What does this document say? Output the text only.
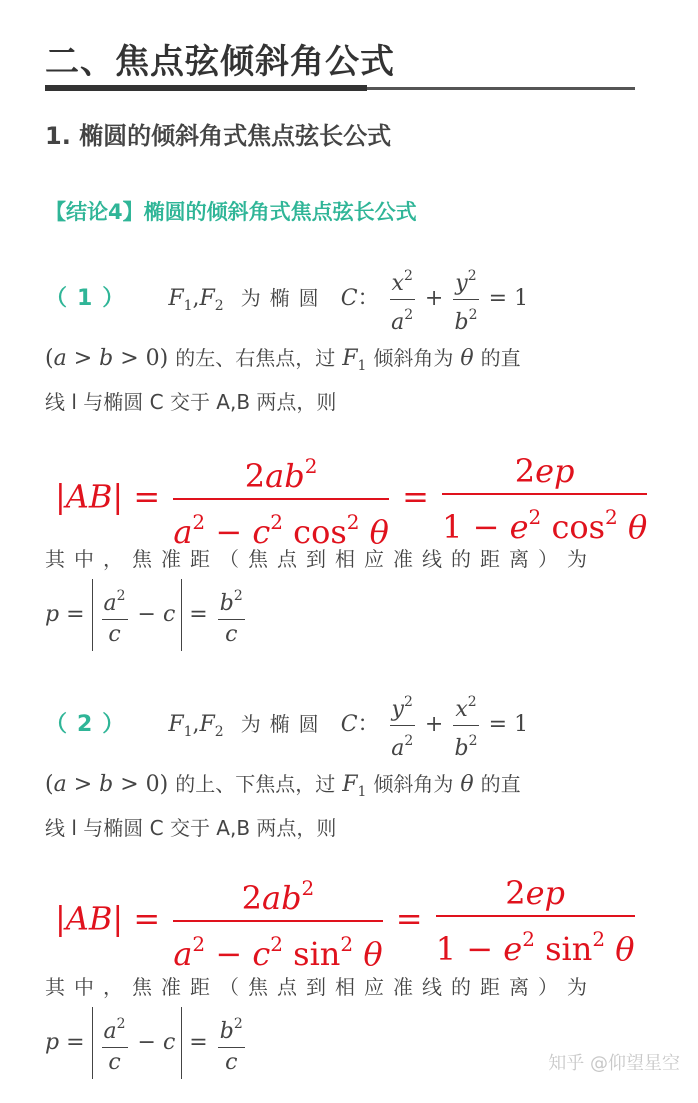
二、焦点弦倾斜角公式
1. 椭圆的倾斜角式焦点弦长公式
【结论4】椭圆的倾斜角式焦点弦长公式
（1） $F_1,F_2$ 为椭圆 C： $\frac{x^2}{a^2} + \frac{y^2}{b^2} = 1$
(a > b > 0) 的左、右焦点，过 $F_1$ 倾斜角为 θ 的直
线 l 与椭圆 C 交于 A,B 两点，则
$|AB| = \frac{2ab^2}{a^2 - c^2 \cos^2 \theta} = \frac{2ep}{1 - e^2 \cos^2 \theta}$
其中，焦准距（焦点到相应准线的距离）为
$p = \frac{a^2}{c} - c = \frac{b^2}{c}$
（2） $F_1,F_2$ 为椭圆 C： $\frac{y^2}{a^2} + \frac{x^2}{b^2} = 1$
(a > b > 0) 的上、下焦点，过 $F_1$ 倾斜角为 θ 的直
线 l 与椭圆 C 交于 A,B 两点，则
$|AB| = \frac{2ab^2}{a^2 - c^2 \sin^2 \theta} = \frac{2ep}{1 - e^2 \sin^2 \theta}$
其中，焦准距（焦点到相应准线的距离）为
$p = \frac{a^2}{c} - c = \frac{b^2}{c}$	知乎 @仰望星空
